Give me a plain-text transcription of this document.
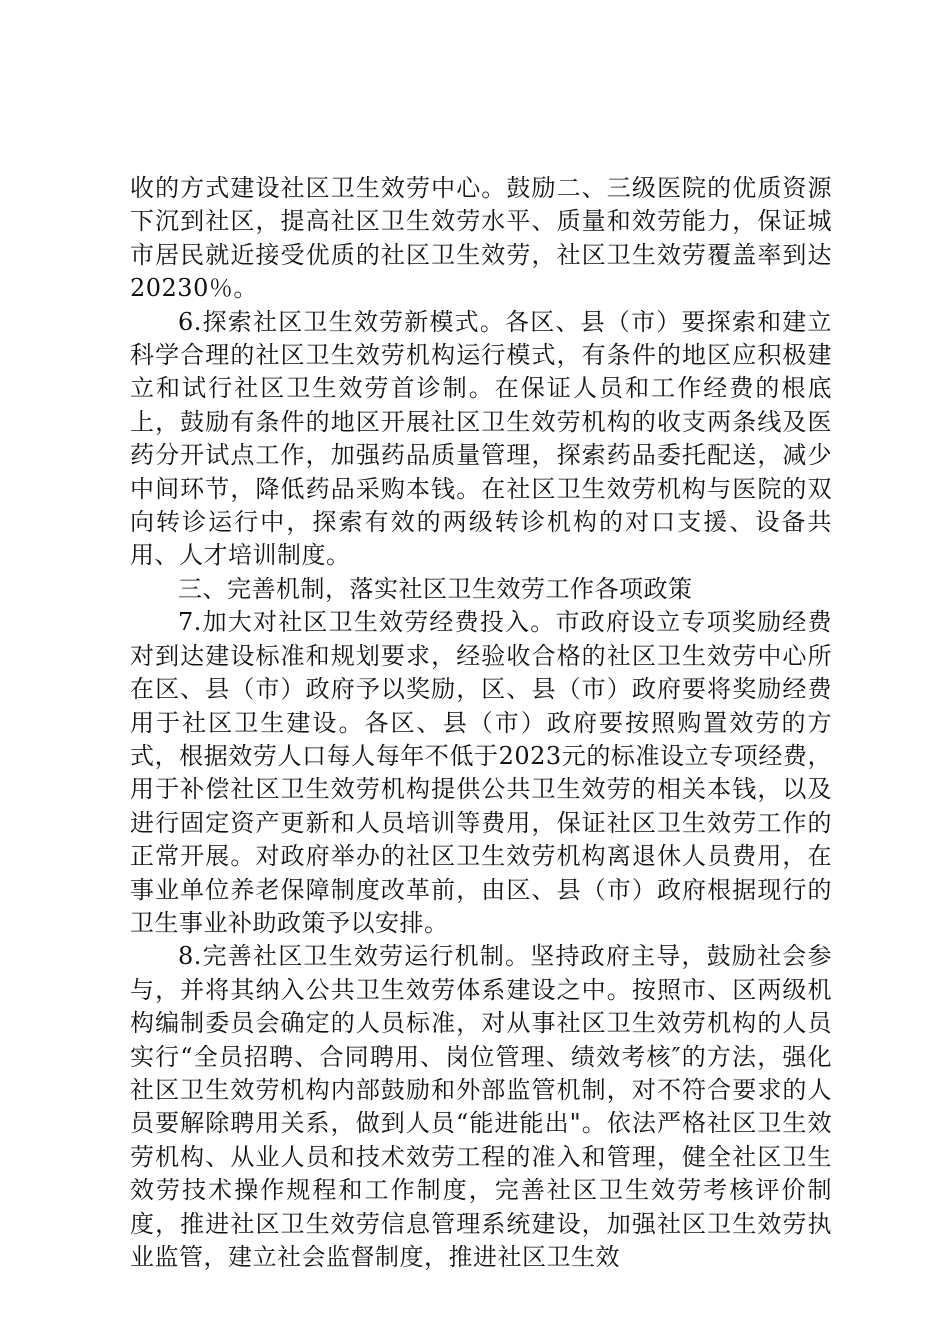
收的方式建设社区卫生效劳中心。鼓励二、三级医院的优质资源下沉到社区，提高社区卫生效劳水平、质量和效劳能力，保证城市居民就近接受优质的社区卫生效劳，社区卫生效劳覆盖率到达20230％。

6.探索社区卫生效劳新模式。各区、县（市）要探索和建立科学合理的社区卫生效劳机构运行模式，有条件的地区应积极建立和试行社区卫生效劳首诊制。在保证人员和工作经费的根底上，鼓励有条件的地区开展社区卫生效劳机构的收支两条线及医药分开试点工作，加强药品质量管理，探索药品委托配送，减少中间环节，降低药品采购本钱。在社区卫生效劳机构与医院的双向转诊运行中，探索有效的两级转诊机构的对口支援、设备共用、人才培训制度。

三、完善机制，落实社区卫生效劳工作各项政策

7.加大对社区卫生效劳经费投入。市政府设立专项奖励经费对到达建设标准和规划要求，经验收合格的社区卫生效劳中心所在区、县（市）政府予以奖励，区、县（市）政府要将奖励经费用于社区卫生建设。各区、县（市）政府要按照购置效劳的方式，根据效劳人口每人每年不低于2023元的标准设立专项经费，用于补偿社区卫生效劳机构提供公共卫生效劳的相关本钱，以及进行固定资产更新和人员培训等费用，保证社区卫生效劳工作的正常开展。对政府举办的社区卫生效劳机构离退休人员费用，在事业单位养老保障制度改革前，由区、县（市）政府根据现行的卫生事业补助政策予以安排。

8.完善社区卫生效劳运行机制。坚持政府主导，鼓励社会参与，并将其纳入公共卫生效劳体系建设之中。按照市、区两级机构编制委员会确定的人员标准，对从事社区卫生效劳机构的人员实行“全员招聘、合同聘用、岗位管理、绩效考核″的方法，强化社区卫生效劳机构内部鼓励和外部监管机制，对不符合要求的人员要解除聘用关系，做到人员“能进能出"。依法严格社区卫生效劳机构、从业人员和技术效劳工程的准入和管理，健全社区卫生效劳技术操作规程和工作制度，完善社区卫生效劳考核评价制度，推进社区卫生效劳信息管理系统建设，加强社区卫生效劳执业监管，建立社会监督制度，推进社区卫生效
